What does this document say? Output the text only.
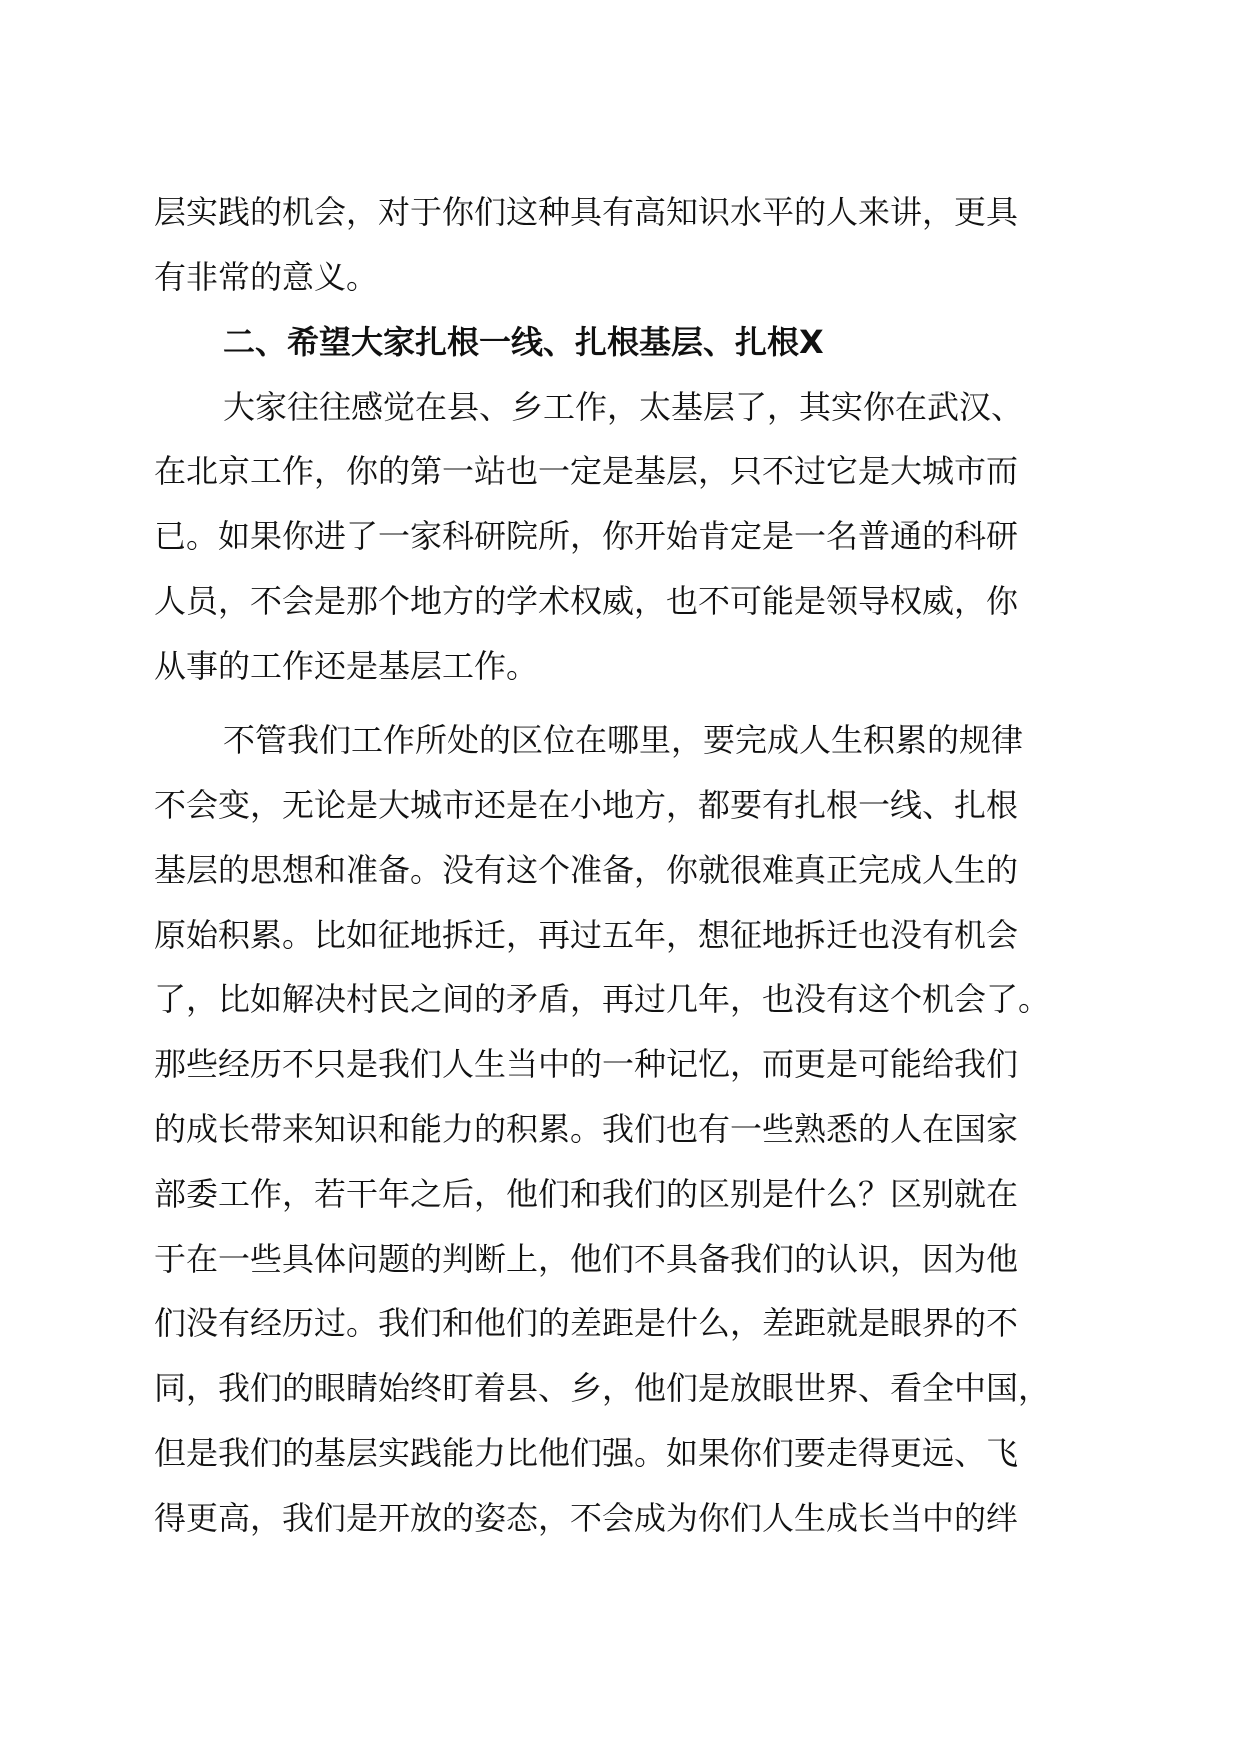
层实践的机会，对于你们这种具有高知识水平的人来讲，更具

有非常的意义。

二、希望大家扎根一线、扎根基层、扎根X

大家往往感觉在县、乡工作，太基层了，其实你在武汉、

在北京工作，你的第一站也一定是基层，只不过它是大城市而

已。如果你进了一家科研院所，你开始肯定是一名普通的科研

人员，不会是那个地方的学术权威，也不可能是领导权威，你

从事的工作还是基层工作。

不管我们工作所处的区位在哪里，要完成人生积累的规律

不会变，无论是大城市还是在小地方，都要有扎根一线、扎根

基层的思想和准备。没有这个准备，你就很难真正完成人生的

原始积累。比如征地拆迁，再过五年，想征地拆迁也没有机会

了，比如解决村民之间的矛盾，再过几年，也没有这个机会了。

那些经历不只是我们人生当中的一种记忆，而更是可能给我们

的成长带来知识和能力的积累。我们也有一些熟悉的人在国家

部委工作，若干年之后，他们和我们的区别是什么？区别就在

于在一些具体问题的判断上，他们不具备我们的认识，因为他

们没有经历过。我们和他们的差距是什么，差距就是眼界的不

同，我们的眼睛始终盯着县、乡，他们是放眼世界、看全中国，

但是我们的基层实践能力比他们强。如果你们要走得更远、飞

得更高，我们是开放的姿态，不会成为你们人生成长当中的绊
